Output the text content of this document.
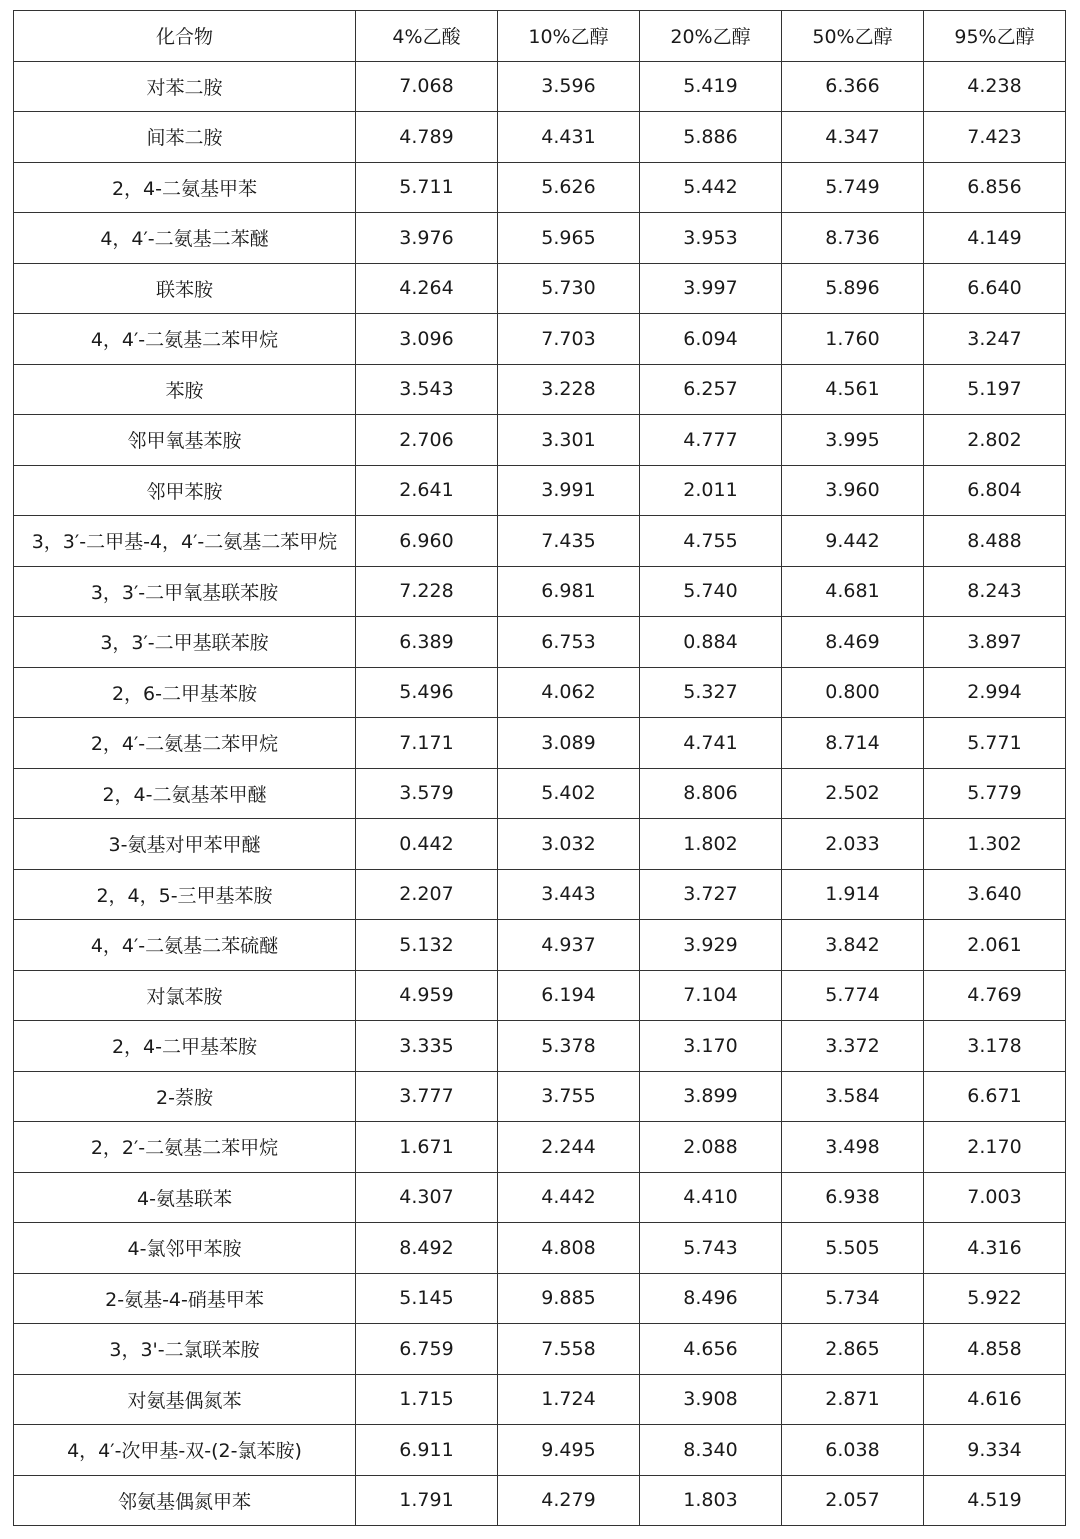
化合物	4%乙酸	10%乙醇	20%乙醇	50%乙醇	95%乙醇
对苯二胺	7.068	3.596	5.419	6.366	4.238
间苯二胺	4.789	4.431	5.886	4.347	7.423
2，4-二氨基甲苯	5.711	5.626	5.442	5.749	6.856
4，4′-二氨基二苯醚	3.976	5.965	3.953	8.736	4.149
联苯胺	4.264	5.730	3.997	5.896	6.640
4，4′-二氨基二苯甲烷	3.096	7.703	6.094	1.760	3.247
苯胺	3.543	3.228	6.257	4.561	5.197
邻甲氧基苯胺	2.706	3.301	4.777	3.995	2.802
邻甲苯胺	2.641	3.991	2.011	3.960	6.804
3，3′-二甲基-4，4′-二氨基二苯甲烷	6.960	7.435	4.755	9.442	8.488
3，3′-二甲氧基联苯胺	7.228	6.981	5.740	4.681	8.243
3，3′-二甲基联苯胺	6.389	6.753	0.884	8.469	3.897
2，6-二甲基苯胺	5.496	4.062	5.327	0.800	2.994
2，4′-二氨基二苯甲烷	7.171	3.089	4.741	8.714	5.771
2，4-二氨基苯甲醚	3.579	5.402	8.806	2.502	5.779
3-氨基对甲苯甲醚	0.442	3.032	1.802	2.033	1.302
2，4，5-三甲基苯胺	2.207	3.443	3.727	1.914	3.640
4，4′-二氨基二苯硫醚	5.132	4.937	3.929	3.842	2.061
对氯苯胺	4.959	6.194	7.104	5.774	4.769
2，4-二甲基苯胺	3.335	5.378	3.170	3.372	3.178
2-萘胺	3.777	3.755	3.899	3.584	6.671
2，2′-二氨基二苯甲烷	1.671	2.244	2.088	3.498	2.170
4-氨基联苯	4.307	4.442	4.410	6.938	7.003
4-氯邻甲苯胺	8.492	4.808	5.743	5.505	4.316
2-氨基-4-硝基甲苯	5.145	9.885	8.496	5.734	5.922
3，3'-二氯联苯胺	6.759	7.558	4.656	2.865	4.858
对氨基偶氮苯	1.715	1.724	3.908	2.871	4.616
4，4′-次甲基-双-(2-氯苯胺)	6.911	9.495	8.340	6.038	9.334
邻氨基偶氮甲苯	1.791	4.279	1.803	2.057	4.519
